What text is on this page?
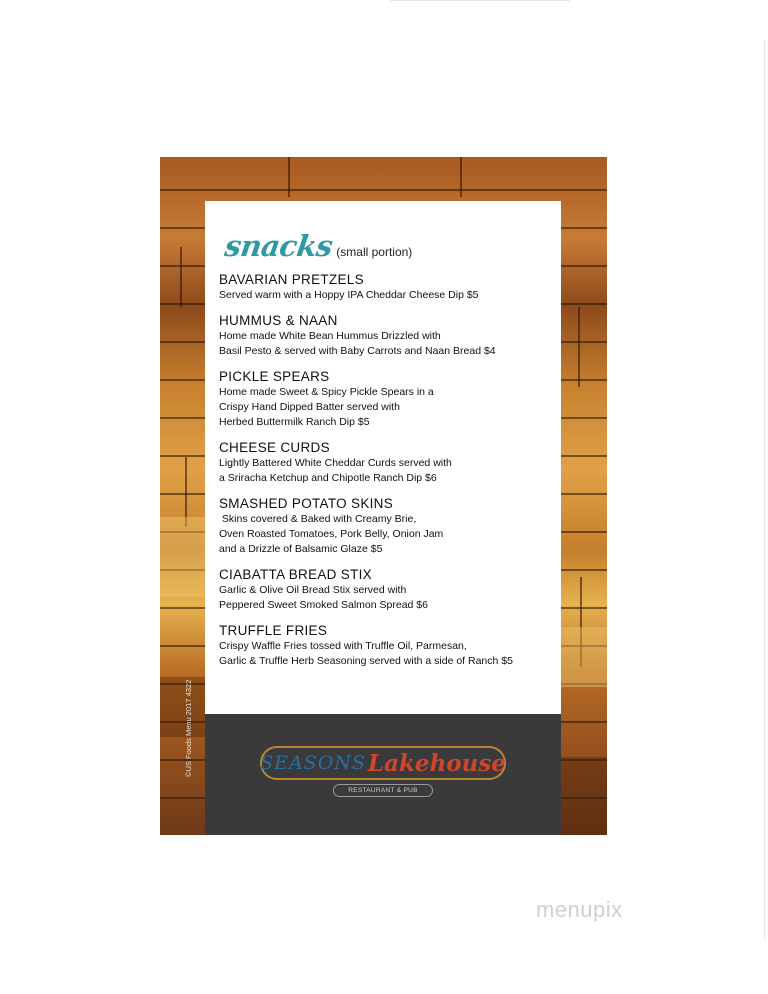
snacks (small portion)
BAVARIAN PRETZELS
Served warm with a Hoppy IPA Cheddar Cheese Dip $5
HUMMUS & NAAN
Home made White Bean Hummus Drizzled with
Basil Pesto & served with Baby Carrots and Naan Bread $4
PICKLE SPEARS
Home made Sweet & Spicy Pickle Spears in a
Crispy Hand Dipped Batter served with
Herbed Buttermilk Ranch Dip $5
CHEESE CURDS
Lightly Battered White Cheddar Curds served with
a Sriracha Ketchup and Chipotle Ranch Dip $6
SMASHED POTATO SKINS
Skins covered & Baked with Creamy Brie,
Oven Roasted Tomatoes, Pork Belly, Onion Jam
and a Drizzle of Balsamic Glaze $5
CIABATTA BREAD STIX
Garlic & Olive Oil Bread Stix served with
Peppered Sweet Smoked Salmon Spread $6
TRUFFLE FRIES
Crispy Waffle Fries tossed with Truffle Oil, Parmesan,
Garlic & Truffle Herb Seasoning served with a side of Ranch $5
SEASONS Lakehouse
RESTAURANT & PUB
©US Foods Menu 2017 4322
menupix
